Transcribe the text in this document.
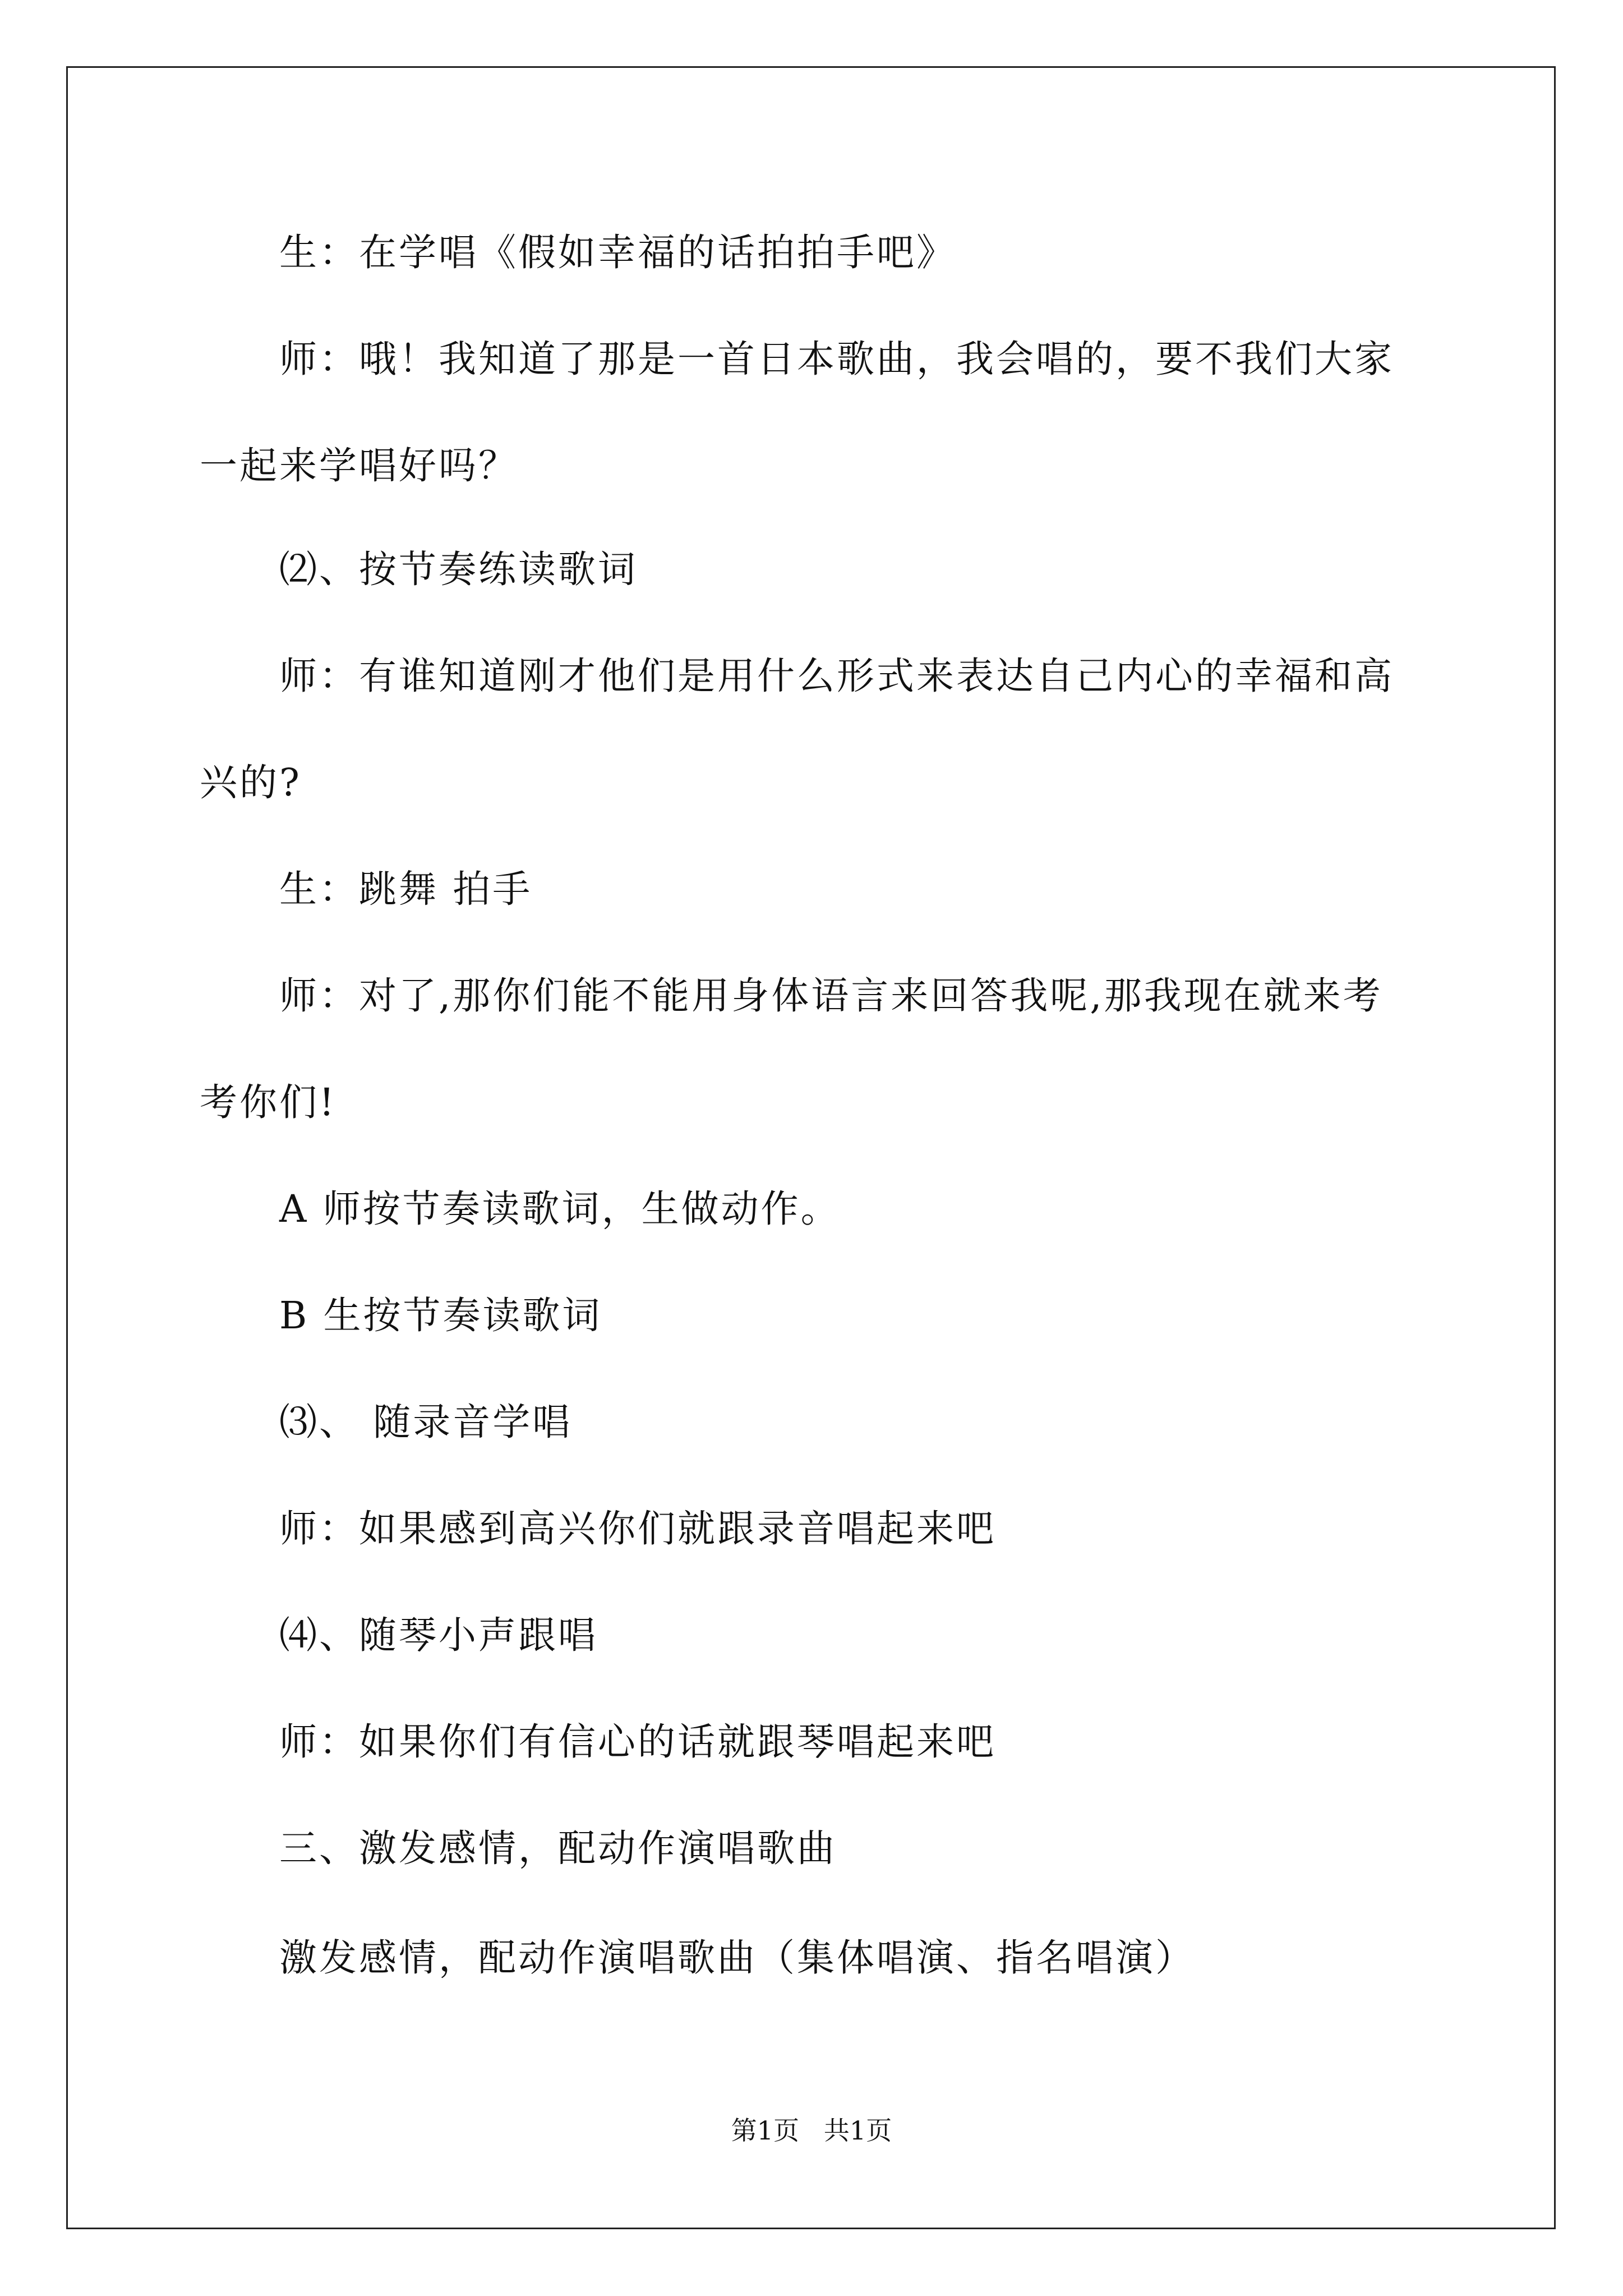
生：在学唱《假如幸福的话拍拍手吧》
师：哦！我知道了那是一首日本歌曲，我会唱的，要不我们大家
一起来学唱好吗？
⑵、按节奏练读歌词
师：有谁知道刚才他们是用什么形式来表达自己内心的幸福和高
兴的?
生：跳舞 拍手
师：对了,那你们能不能用身体语言来回答我呢,那我现在就来考
考你们!
A 师按节奏读歌词，生做动作。
B 生按节奏读歌词
⑶、 随录音学唱
师：如果感到高兴你们就跟录音唱起来吧
⑷、随琴小声跟唱
师：如果你们有信心的话就跟琴唱起来吧
三、激发感情，配动作演唱歌曲
激发感情，配动作演唱歌曲（集体唱演、指名唱演）
第1页   共1页
